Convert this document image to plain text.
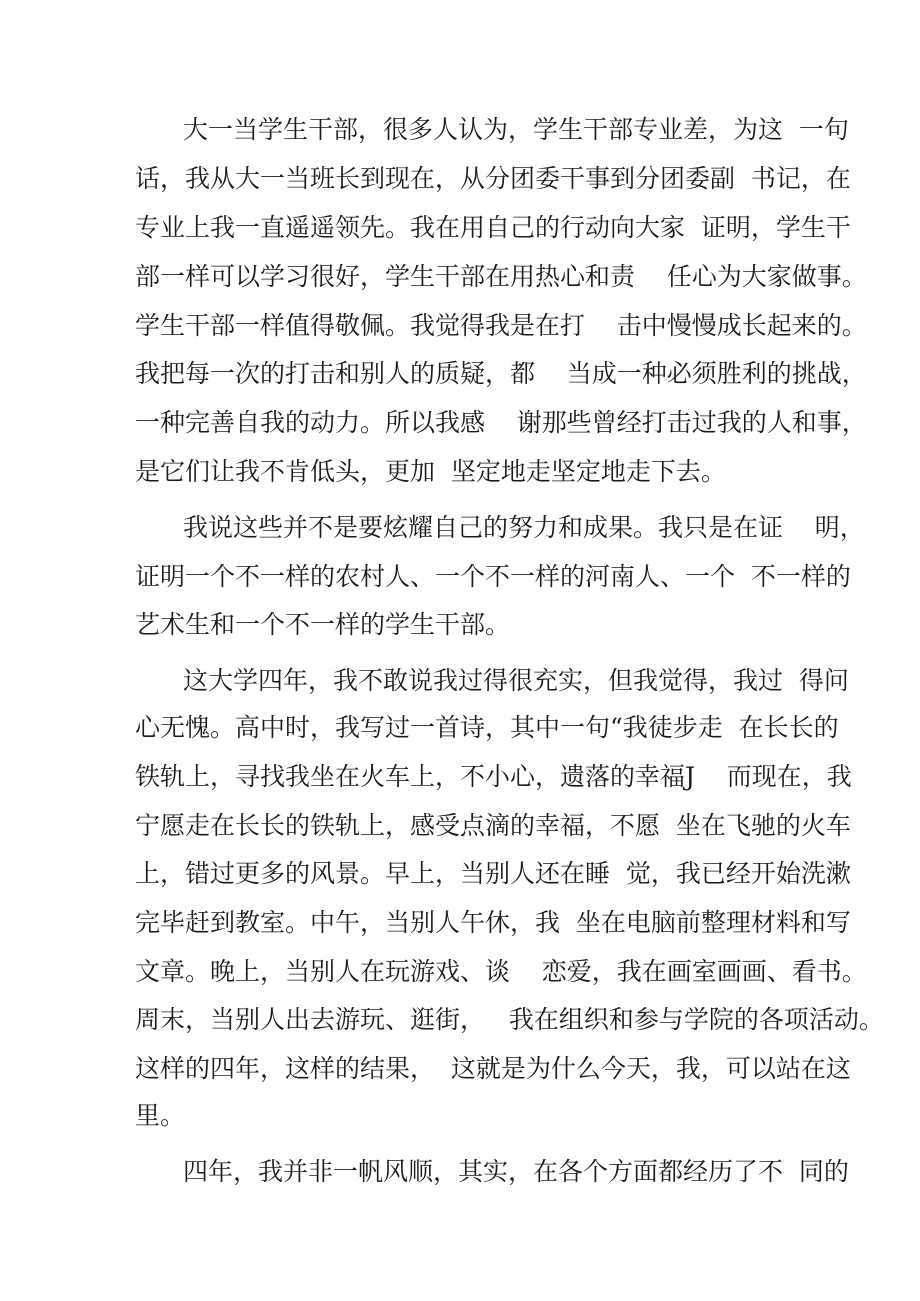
大一当学生干部，很多人认为，学生干部专业差，为这  一句

话，我从大一当班长到现在，从分团委干事到分团委副  书记，在

专业上我一直遥遥领先。我在用自己的行动向大家  证明，学生干

部一样可以学习很好，学生干部在用热心和责    任心为大家做事。

学生干部一样值得敬佩。我觉得我是在打    击中慢慢成长起来的。

我把每一次的打击和别人的质疑，都    当成一种必须胜利的挑战，

一种完善自我的动力。所以我感    谢那些曾经打击过我的人和事，

是它们让我不肯低头，更加  坚定地走坚定地走下去。

我说这些并不是要炫耀自己的努力和成果。我只是在证    明，

证明一个不一样的农村人、一个不一样的河南人、一个  不一样的

艺术生和一个不一样的学生干部。

这大学四年，我不敢说我过得很充实，但我觉得，我过  得问

心无愧。高中时，我写过一首诗，其中一句“我徒步走  在长长的

铁轨上，寻找我坐在火车上，不小心，遗落的幸福J    而现在，我

宁愿走在长长的铁轨上，感受点滴的幸福，不愿  坐在飞驰的火车

上，错过更多的风景。早上，当别人还在睡  觉，我已经开始洗漱

完毕赶到教室。中午，当别人午休，我  坐在电脑前整理材料和写

文章。晚上，当别人在玩游戏、谈    恋爱，我在画室画画、看书。

周末，当别人出去游玩、逛街，   我在组织和参与学院的各项活动。

这样的四年，这样的结果，  这就是为什么今天，我，可以站在这

里。

四年，我并非一帆风顺，其实，在各个方面都经历了不  同的
